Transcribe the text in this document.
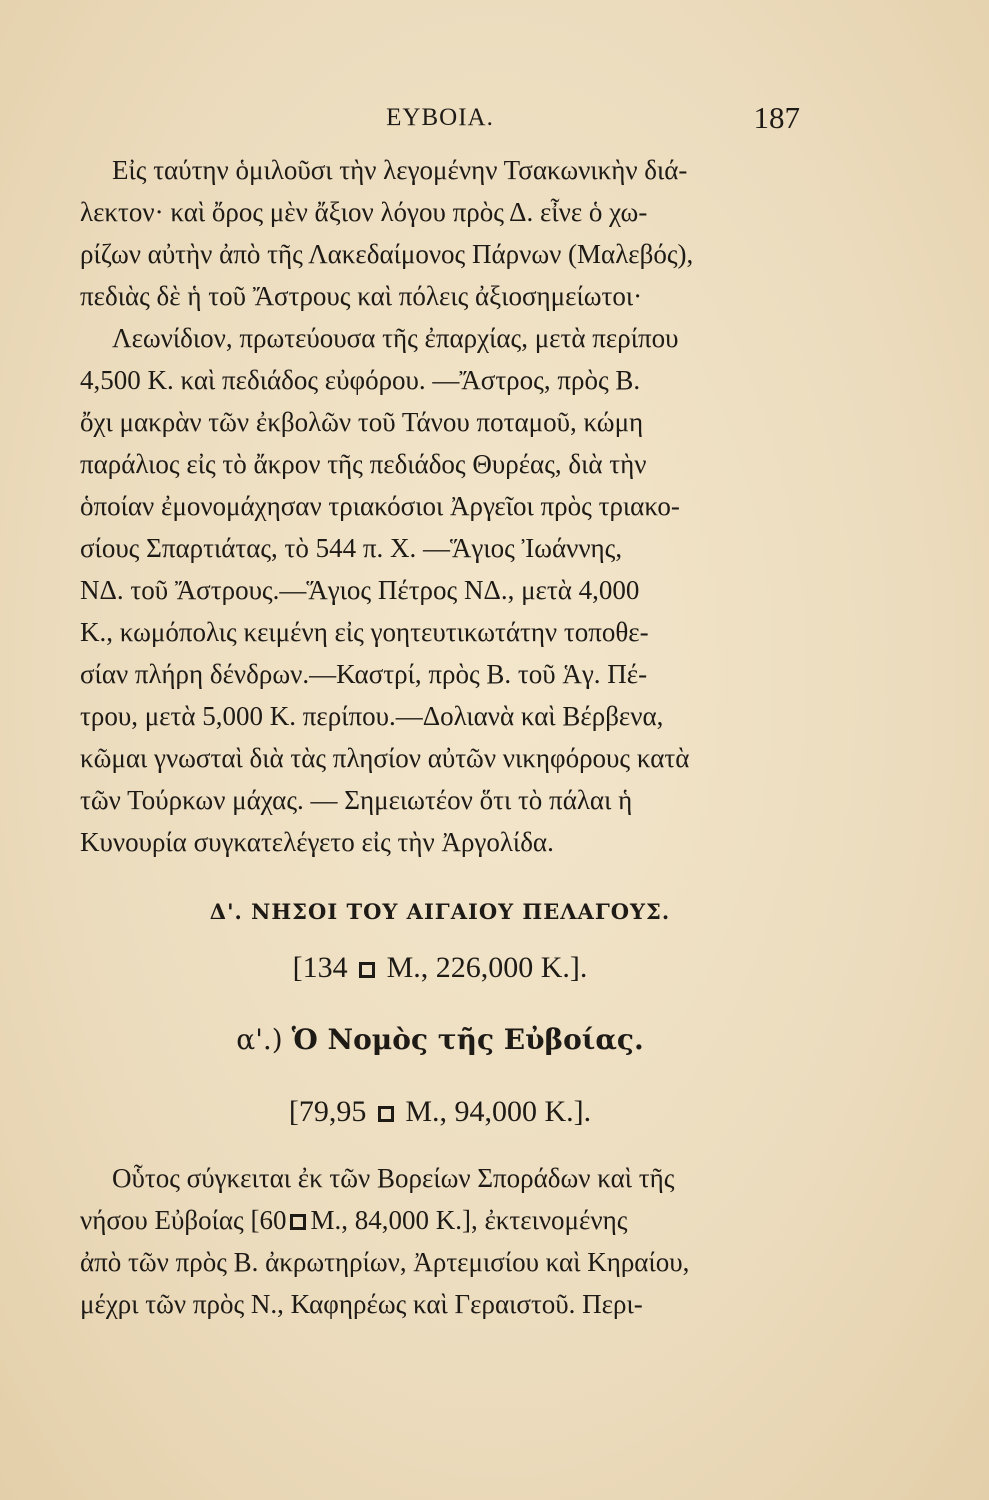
ΕΥΒΟΙΑ.	187
Εἰς ταύτην ὁμιλοῦσι τὴν λεγομένην Τσακωνικὴν διά-
λεκτον· καὶ ὄρος μὲν ἄξιον λόγου πρὸς Δ. εἶνε ὁ χω-
ρίζων αὐτὴν ἀπὸ τῆς Λακεδαίμονος Πάρνων (Μαλεβός),
πεδιὰς δὲ ἡ τοῦ Ἄστρους καὶ πόλεις ἀξιοσημείωτοι·
Λεωνίδιον, πρωτεύουσα τῆς ἐπαρχίας, μετὰ περίπου
4,500 Κ. καὶ πεδιάδος εὐφόρου. —Ἄστρος, πρὸς Β.
ὄχι μακρὰν τῶν ἐκβολῶν τοῦ Τάνου ποταμοῦ, κώμη
παράλιος εἰς τὸ ἄκρον τῆς πεδιάδος Θυρέας, διὰ τὴν
ὁποίαν ἐμονομάχησαν τριακόσιοι Ἀργεῖοι πρὸς τριακο-
σίους Σπαρτιάτας, τὸ 544 π. Χ. —Ἅγιος Ἰωάννης,
ΝΔ. τοῦ Ἄστρους.—Ἅγιος Πέτρος ΝΔ., μετὰ 4,000
Κ., κωμόπολις κειμένη εἰς γοητευτικωτάτην τοποθε-
σίαν πλήρη δένδρων.—Καστρί, πρὸς Β. τοῦ Ἁγ. Πέ-
τρου, μετὰ 5,000 Κ. περίπου.—Δολιανὰ καὶ Βέρβενα,
κῶμαι γνωσταὶ διὰ τὰς πλησίον αὐτῶν νικηφόρους κατὰ
τῶν Τούρκων μάχας. — Σημειωτέον ὅτι τὸ πάλαι ἡ
Κυνουρία συγκατελέγετο εἰς τὴν Ἀργολίδα.
Δ'. ΝΗΣΟΙ ΤΟΥ ΑΙΓΑΙΟΥ ΠΕΛΑΓΟΥΣ.
[134 Μ., 226,000 Κ.].
α'.) Ὁ Νομὸς τῆς Εὐβοίας.
[79,95 Μ., 94,000 Κ.].
Οὗτος σύγκειται ἐκ τῶν Βορείων Σποράδων καὶ τῆς
νήσου Εὐβοίας [60 Μ., 84,000 Κ.], ἐκτεινομένης
ἀπὸ τῶν πρὸς Β. ἀκρωτηρίων, Ἀρτεμισίου καὶ Κηραίου,
μέχρι τῶν πρὸς Ν., Καφηρέως καὶ Γεραιστοῦ. Περι-
